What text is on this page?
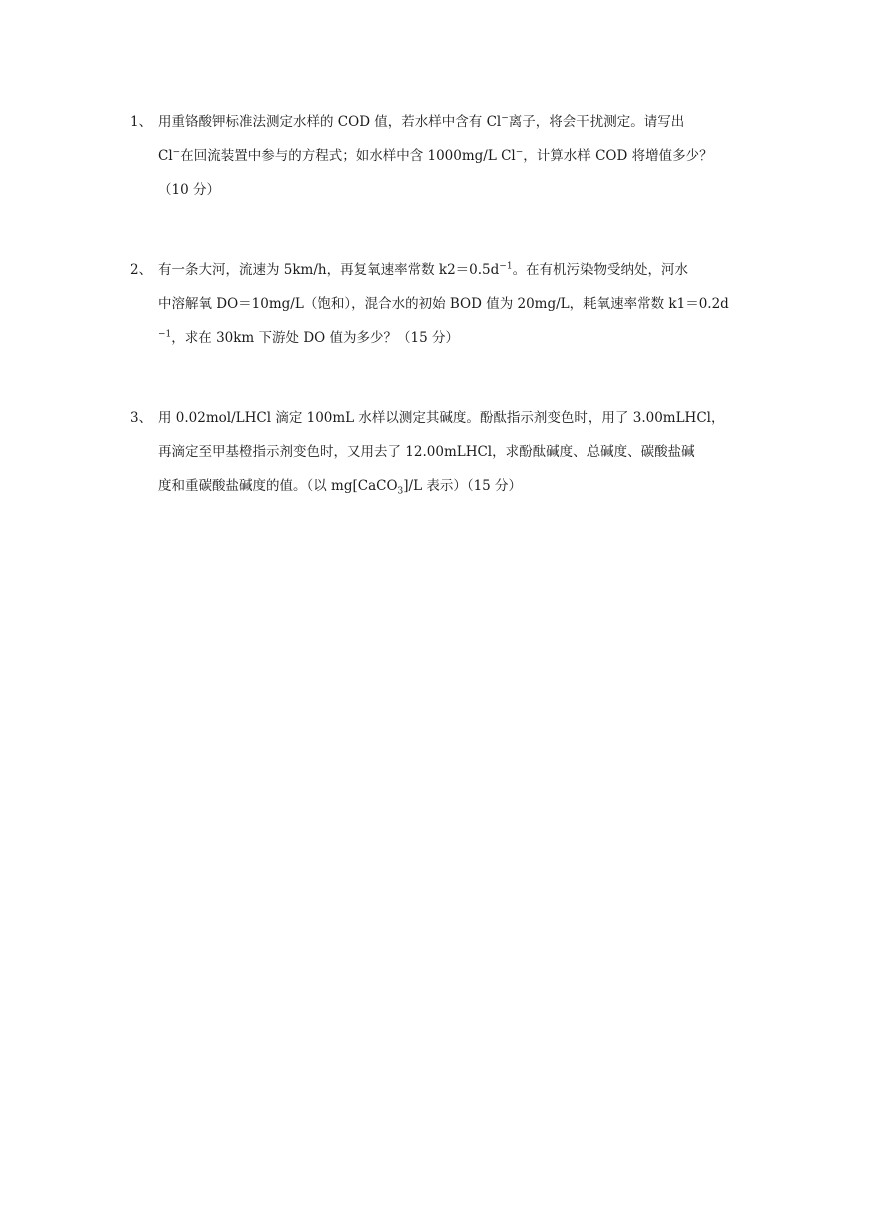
1、 用重铬酸钾标准法测定水样的 COD 值，若水样中含有 Cl−离子，将会干扰测定。请写出
Cl−在回流装置中参与的方程式；如水样中含 1000mg/L Cl−，计算水样 COD 将增值多少？
（10 分）
2、 有一条大河，流速为 5km/h，再复氧速率常数 $k2=0.5d^{-1}$。在有机污染物受纳处，河水
中溶解氧 DO＝10mg/L（饱和），混合水的初始 BOD 值为 20mg/L，耗氧速率常数 k1＝0.2d
$^{-1}$，求在 30km 下游处 DO 值为多少？（15 分）
3、 用 0.02mol/LHCl 滴定 100mL 水样以测定其碱度。酚酞指示剂变色时，用了 3.00mLHCl，
再滴定至甲基橙指示剂变色时，又用去了 12.00mLHCl，求酚酞碱度、总碱度、碳酸盐碱
度和重碳酸盐碱度的值。（以 mg[CaCO$_3$]/L 表示）（15 分）
